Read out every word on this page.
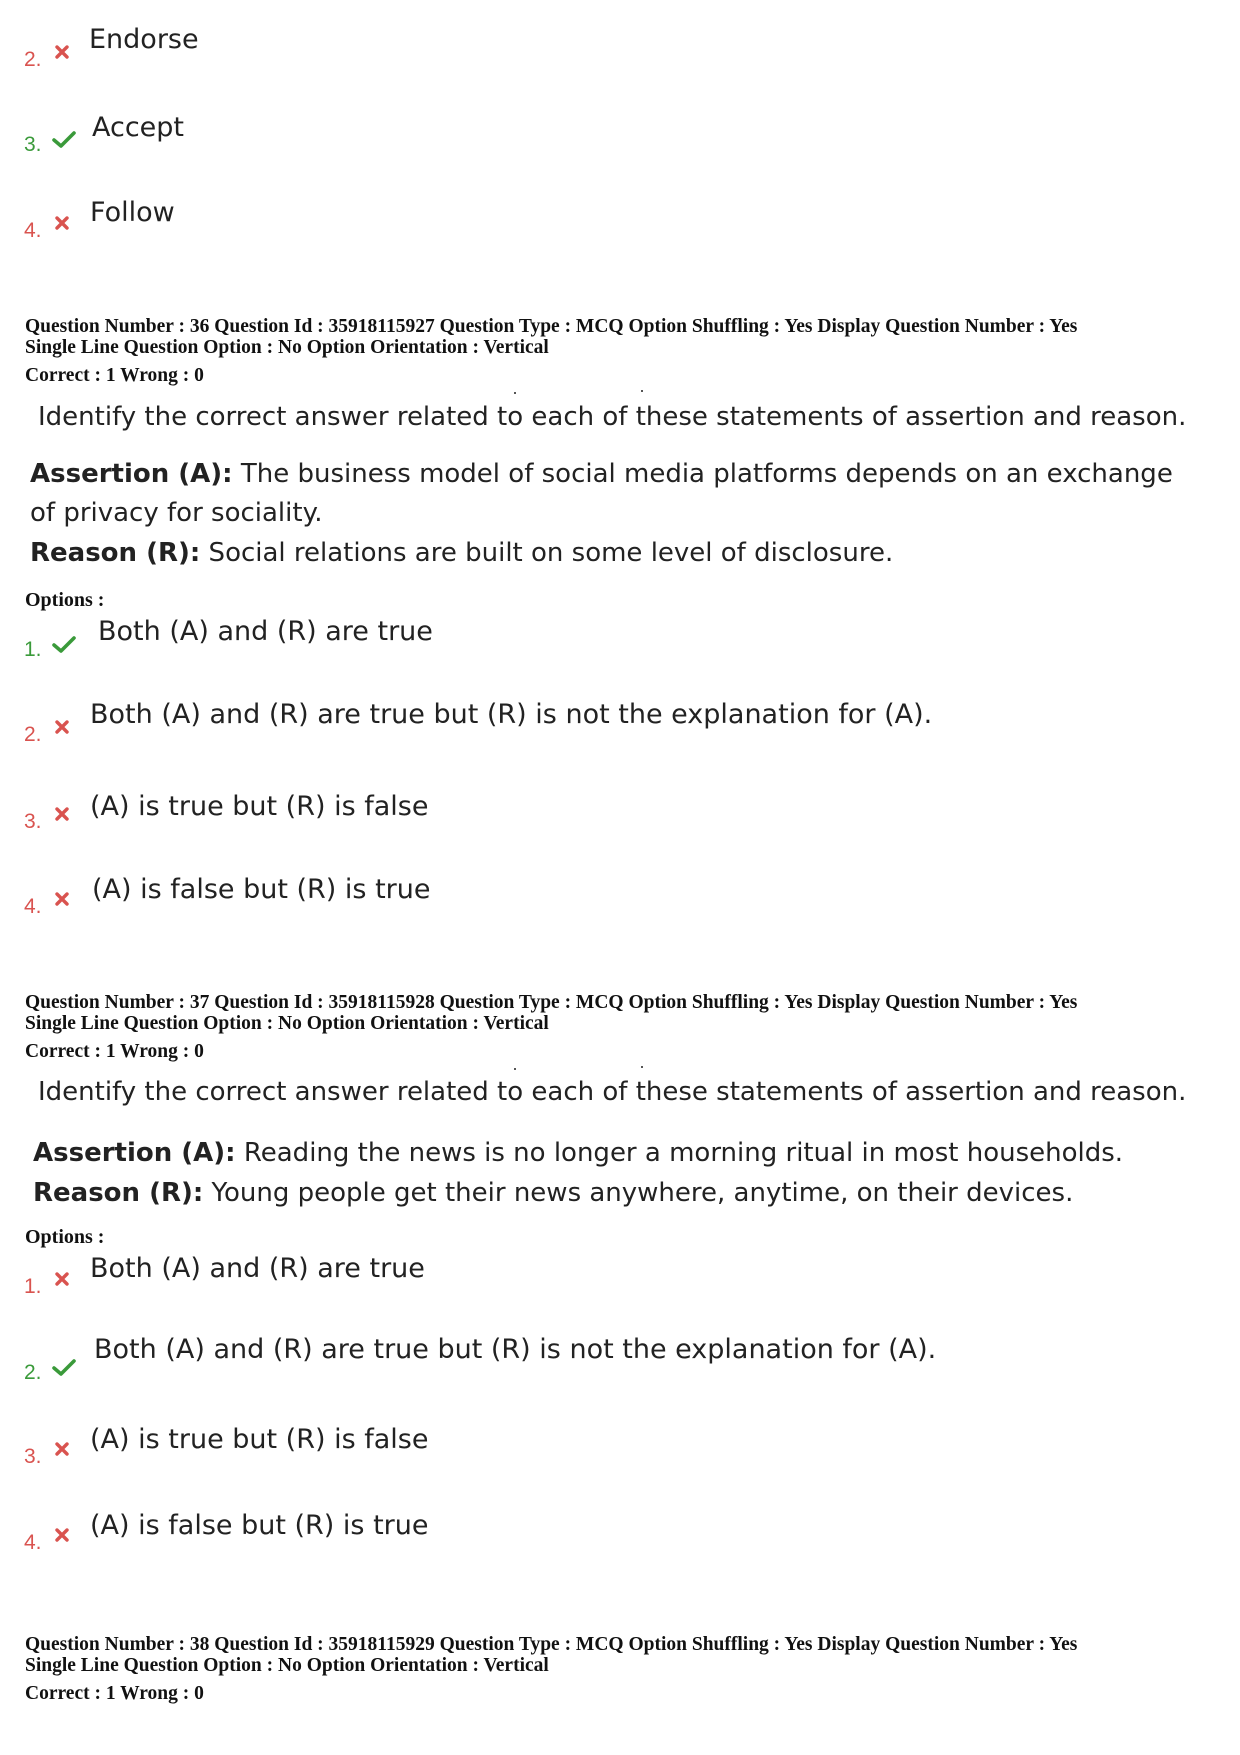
2.
Endorse
3.
Accept
4.
Follow
Question Number : 36 Question Id : 35918115927 Question Type : MCQ Option Shuffling : Yes Display Question Number : Yes
Single Line Question Option : No Option Orientation : Vertical
Correct : 1 Wrong : 0
Identify the correct answer related to each of these statements of assertion and reason.
Assertion (A): The business model of social media platforms depends on an exchange of privacy for sociality.
Reason (R): Social relations are built on some level of disclosure.
Options :
1.
Both (A) and (R) are true
2.
Both (A) and (R) are true but (R) is not the explanation for (A).
3. (A) is true but (R) is false
4.
(A) is false but (R) is true
Question Number : 37 Question Id : 35918115928 Question Type : MCQ Option Shuffling : Yes Display Question Number : Yes
Single Line Question Option : No Option Orientation : Vertical
Correct : 1 Wrong : 0
Identify the correct answer related to each of these statements of assertion and reason.
Assertion (A): Reading the news is no longer a morning ritual in most households.
Reason (R): Young people get their news anywhere, anytime, on their devices.
Options :
1.
Both (A) and (R) are true
2.
Both (A) and (R) are true but (R) is not the explanation for (A).
3.
(A) is true but (R) is false
4.
(A) is false but (R) is true
Question Number : 38 Question Id : 35918115929 Question Type : MCQ Option Shuffling : Yes Display Question Number : Yes
Single Line Question Option : No Option Orientation : Vertical
Correct : 1 Wrong : 0
